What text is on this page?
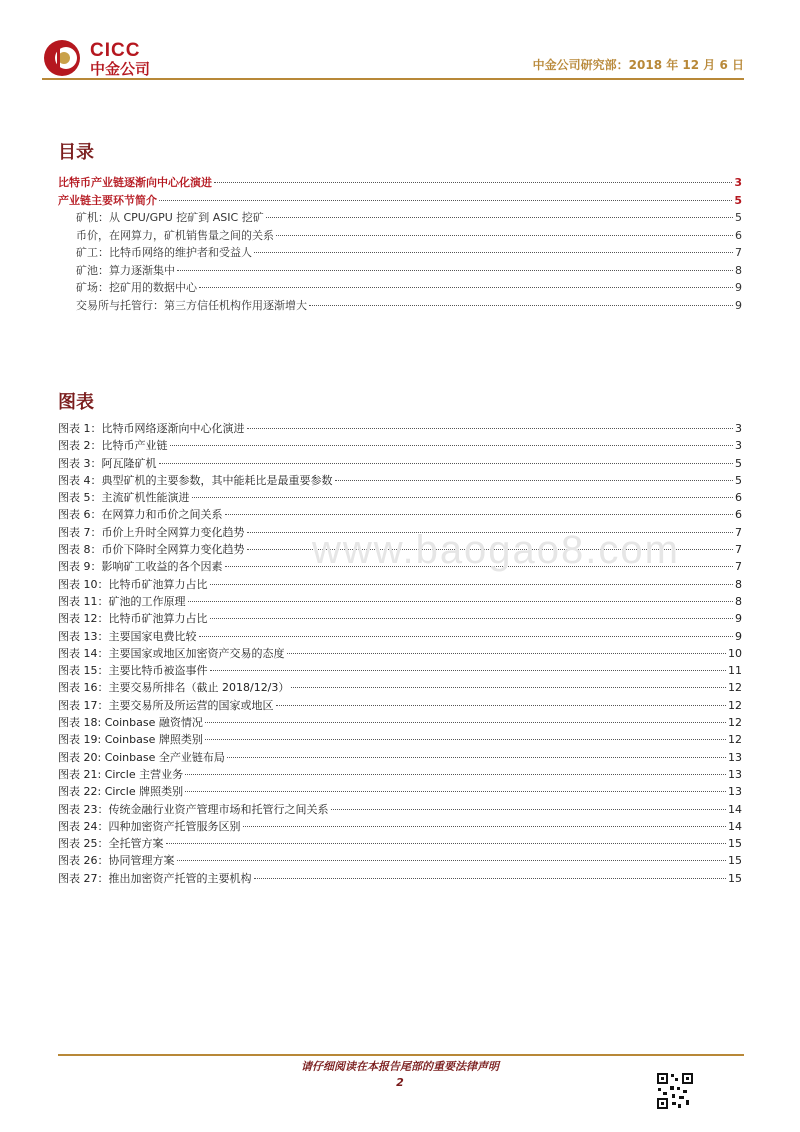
CICC
中金公司	中金公司研究部：2018 年 12 月 6 日
目录
比特币产业链逐渐向中心化演进	3
产业链主要环节简介	5
矿机：从 CPU/GPU 挖矿到 ASIC 挖矿	5
币价，在网算力，矿机销售量之间的关系	6
矿工：比特币网络的维护者和受益人	7
矿池：算力逐渐集中	8
矿场：挖矿用的数据中心	9
交易所与托管行：第三方信任机构作用逐渐增大	9
图表
图表 1：比特币网络逐渐向中心化演进	3
图表 2：比特币产业链	3
图表 3：阿瓦隆矿机	5
图表 4：典型矿机的主要参数，其中能耗比是最重要参数	5
图表 5：主流矿机性能演进	6
图表 6：在网算力和币价之间关系	6
图表 7：币价上升时全网算力变化趋势	7
图表 8：币价下降时全网算力变化趋势	7
图表 9：影响矿工收益的各个因素	7
图表 10：比特币矿池算力占比	8
图表 11：矿池的工作原理	8
图表 12：比特币矿池算力占比	9
图表 13：主要国家电费比较	9
图表 14：主要国家或地区加密资产交易的态度	10
图表 15：主要比特币被盗事件	11
图表 16：主要交易所排名（截止 2018/12/3）	12
图表 17：主要交易所及所运营的国家或地区	12
图表 18: Coinbase 融资情况	12
图表 19: Coinbase 牌照类别	12
图表 20: Coinbase 全产业链布局	13
图表 21: Circle 主营业务	13
图表 22: Circle 牌照类别	13
图表 23：传统金融行业资产管理市场和托管行之间关系	14
图表 24：四种加密资产托管服务区别	14
图表 25：全托管方案	15
图表 26：协同管理方案	15
图表 27：推出加密资产托管的主要机构	15
www.baogao8.com
请仔细阅读在本报告尾部的重要法律声明
2
